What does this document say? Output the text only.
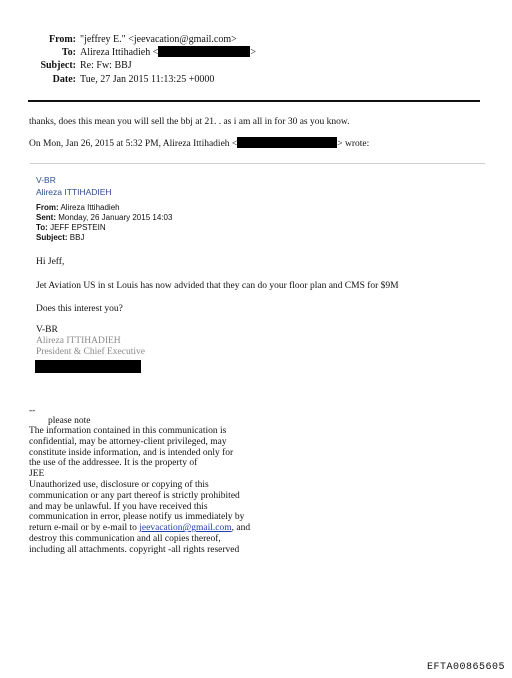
From: "jeffrey E." <jeevacation@gmail.com>
To: Alireza Ittihadieh <	>
Subject: Re: Fw: BBJ
Date: Tue, 27 Jan 2015 11:13:25 +0000
thanks, does this mean you will sell the bbj at 21. . as i am all in for 30 as you know.
On Mon, Jan 26, 2015 at 5:32 PM, Alireza Ittihadieh <	> wrote:
V-BR
Alireza ITTIHADIEH
From: Alireza Ittihadieh
Sent: Monday, 26 January 2015 14:03
To: JEFF EPSTEIN
Subject: BBJ
Hi Jeff,
Jet Aviation US in st Louis has now advided that they can do your floor plan and CMS for $9M
Does this interest you?
V-BR
Alireza ITTIHADIEH
President & Chief Executive
--
please note
The information contained in this communication is
confidential, may be attorney-client privileged, may
constitute inside information, and is intended only for
the use of the addressee. It is the property of
JEE
Unauthorized use, disclosure or copying of this
communication or any part thereof is strictly prohibited
and may be unlawful. If you have received this
communication in error, please notify us immediately by
return e-mail or by e-mail to jeevacation@gmail.com, and
destroy this communication and all copies thereof,
including all attachments. copyright -all rights reserved
EFTA00865605
